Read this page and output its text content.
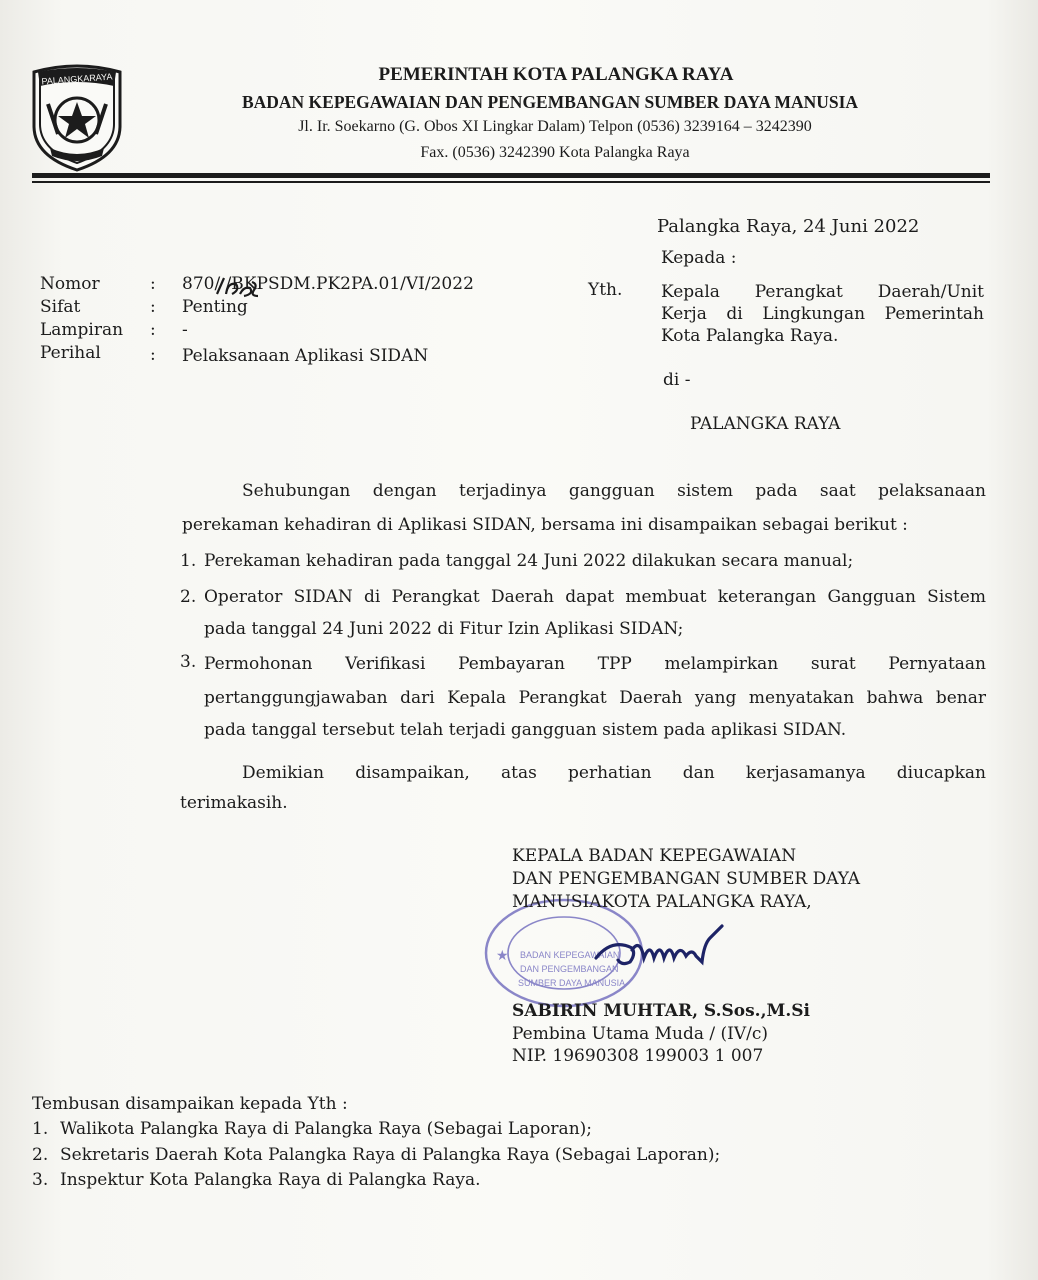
PALANGKARAYA	PEMERINTAH KOTA PALANGKA RAYA
BADAN KEPEGAWAIAN DAN PENGEMBANGAN SUMBER DAYA MANUSIA
Jl. Ir. Soekarno (G. Obos XI Lingkar Dalam) Telpon (0536) 3239164 – 3242390
Fax. (0536) 3242390 Kota Palangka Raya
Palangka Raya, 24 Juni 2022
Kepada :
Nomor	: 870/ /BKPSDM.PK2PA.01/VI/2022
Sifat	: Penting
Lampiran : -
Perihal	: Pelaksanaan Aplikasi SIDAN
Yth. Kepala Perangkat Daerah/Unit
Kerja di Lingkungan Pemerintah
Kota Palangka Raya.
di -
PALANGKA RAYA
Sehubungan dengan terjadinya gangguan sistem pada saat pelaksanaan
perekaman kehadiran di Aplikasi SIDAN, bersama ini disampaikan sebagai berikut :
1. Perekaman kehadiran pada tanggal 24 Juni 2022 dilakukan secara manual;
2. Operator SIDAN di Perangkat Daerah dapat membuat keterangan Gangguan Sistem
pada tanggal 24 Juni 2022 di Fitur Izin Aplikasi SIDAN;
3. Permohonan Verifikasi Pembayaran TPP melampirkan surat Pernyataan
pertanggungjawaban dari Kepala Perangkat Daerah yang menyatakan bahwa benar
pada tanggal tersebut telah terjadi gangguan sistem pada aplikasi SIDAN.
Demikian disampaikan, atas perhatian dan kerjasamanya diucapkan
terimakasih.
★ BADAN KEPEGAWAIAN
DAN PENGEMBANGAN
SUMBER DAYA MANUSIA
KEPALA BADAN KEPEGAWAIAN
DAN PENGEMBANGAN SUMBER DAYA
MANUSIAKOTA PALANGKA RAYA,
SABIRIN MUHTAR, S.Sos.,M.Si
Pembina Utama Muda / (IV/c)
NIP. 19690308 199003 1 007
Tembusan disampaikan kepada Yth :
1. Walikota Palangka Raya di Palangka Raya (Sebagai Laporan);
2. Sekretaris Daerah Kota Palangka Raya di Palangka Raya (Sebagai Laporan);
3. Inspektur Kota Palangka Raya di Palangka Raya.
